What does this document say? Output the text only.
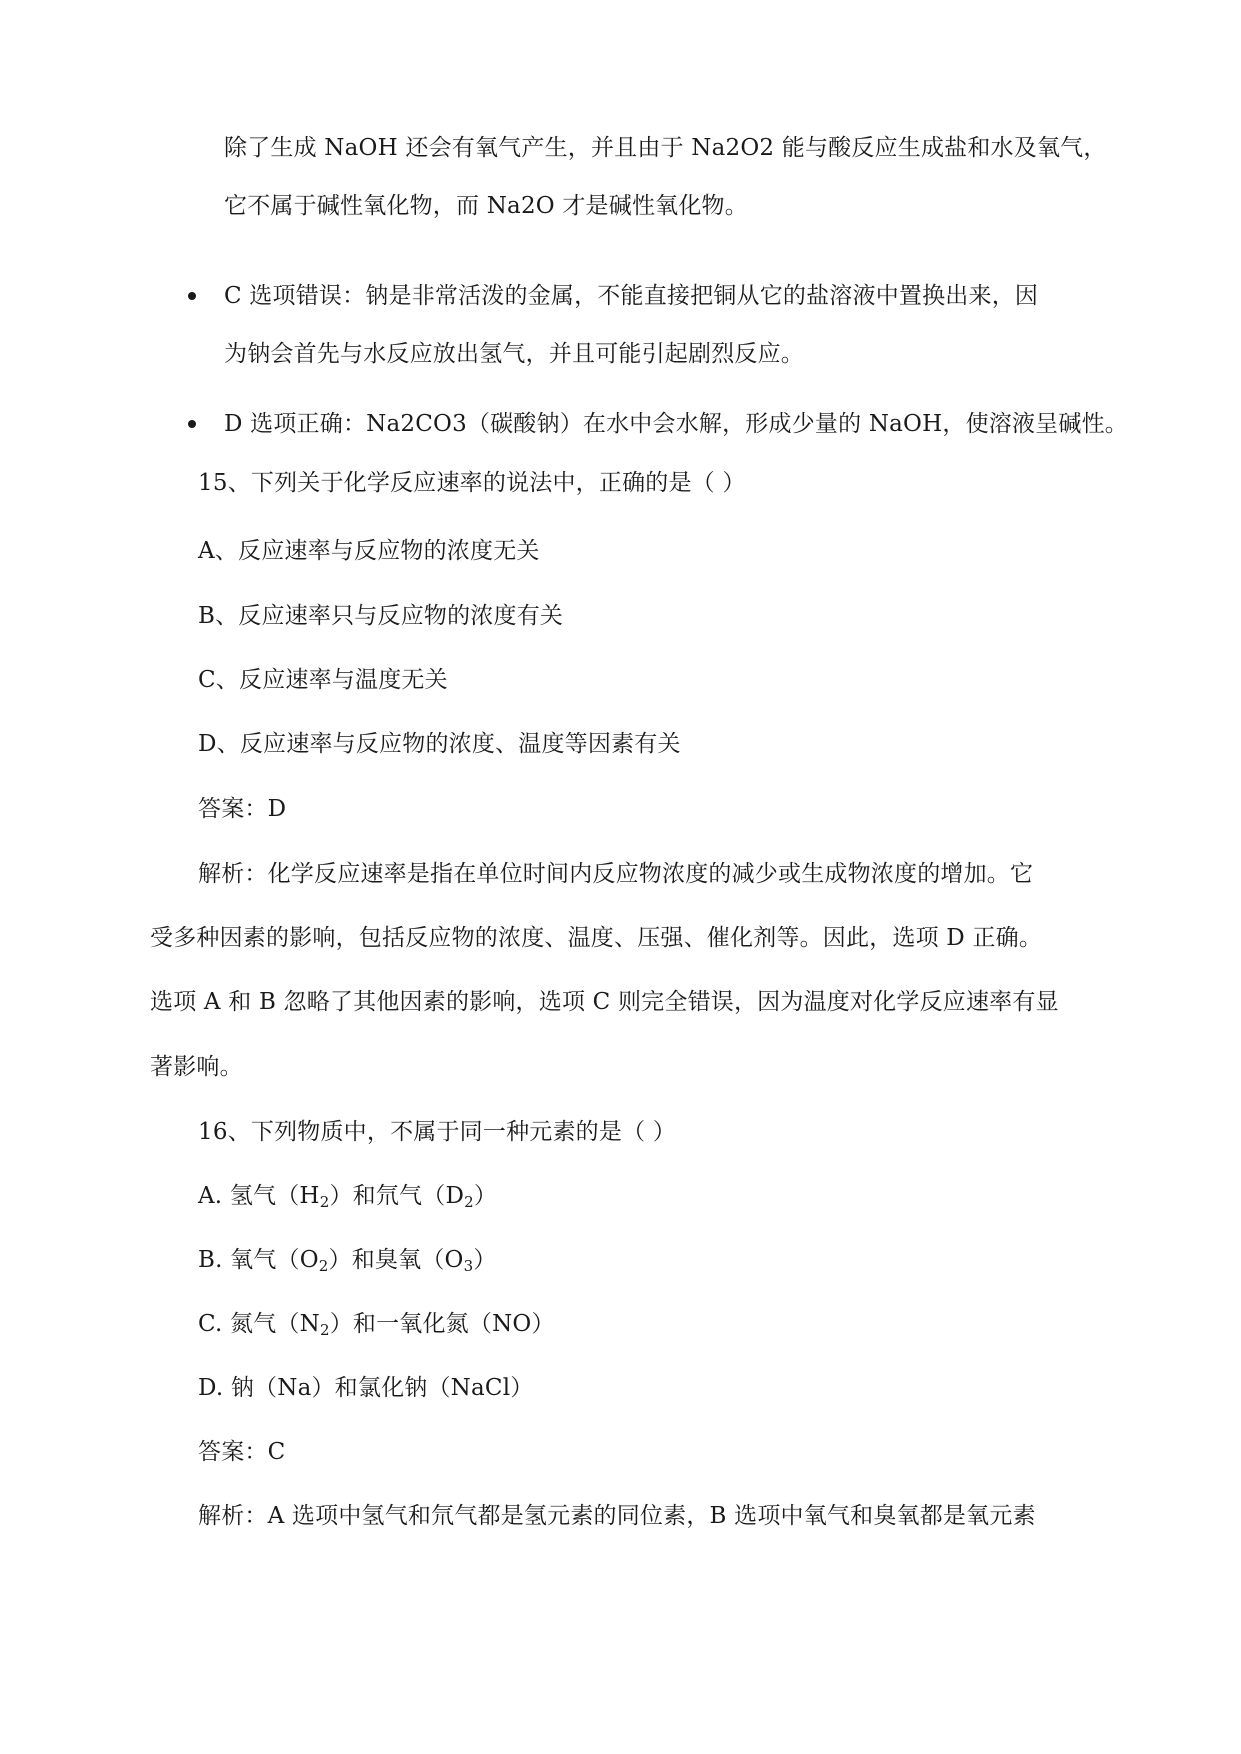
除了生成 NaOH 还会有氧气产生，并且由于 Na2O2 能与酸反应生成盐和水及氧气，
它不属于碱性氧化物，而 Na2O 才是碱性氧化物。
C 选项错误：钠是非常活泼的金属，不能直接把铜从它的盐溶液中置换出来，因
为钠会首先与水反应放出氢气，并且可能引起剧烈反应。
D 选项正确：Na2CO3（碳酸钠）在水中会水解，形成少量的 NaOH，使溶液呈碱性。
15、下列关于化学反应速率的说法中，正确的是（ ）
A、反应速率与反应物的浓度无关
B、反应速率只与反应物的浓度有关
C、反应速率与温度无关
D、反应速率与反应物的浓度、温度等因素有关
答案：D
解析：化学反应速率是指在单位时间内反应物浓度的减少或生成物浓度的增加。它
受多种因素的影响，包括反应物的浓度、温度、压强、催化剂等。因此，选项 D 正确。
选项 A 和 B 忽略了其他因素的影响，选项 C 则完全错误，因为温度对化学反应速率有显
著影响。
16、下列物质中，不属于同一种元素的是（ ）
A. 氢气$(H_2)$和氘气$(D_2)$
B. 氧气$(O_2)$和臭氧$(O_3)$
C. 氮气$(N_2)$和一氧化氮（NO）
D. 钠（Na）和氯化钠（NaCl）
答案：C
解析：A 选项中氢气和氘气都是氢元素的同位素，B 选项中氧气和臭氧都是氧元素
